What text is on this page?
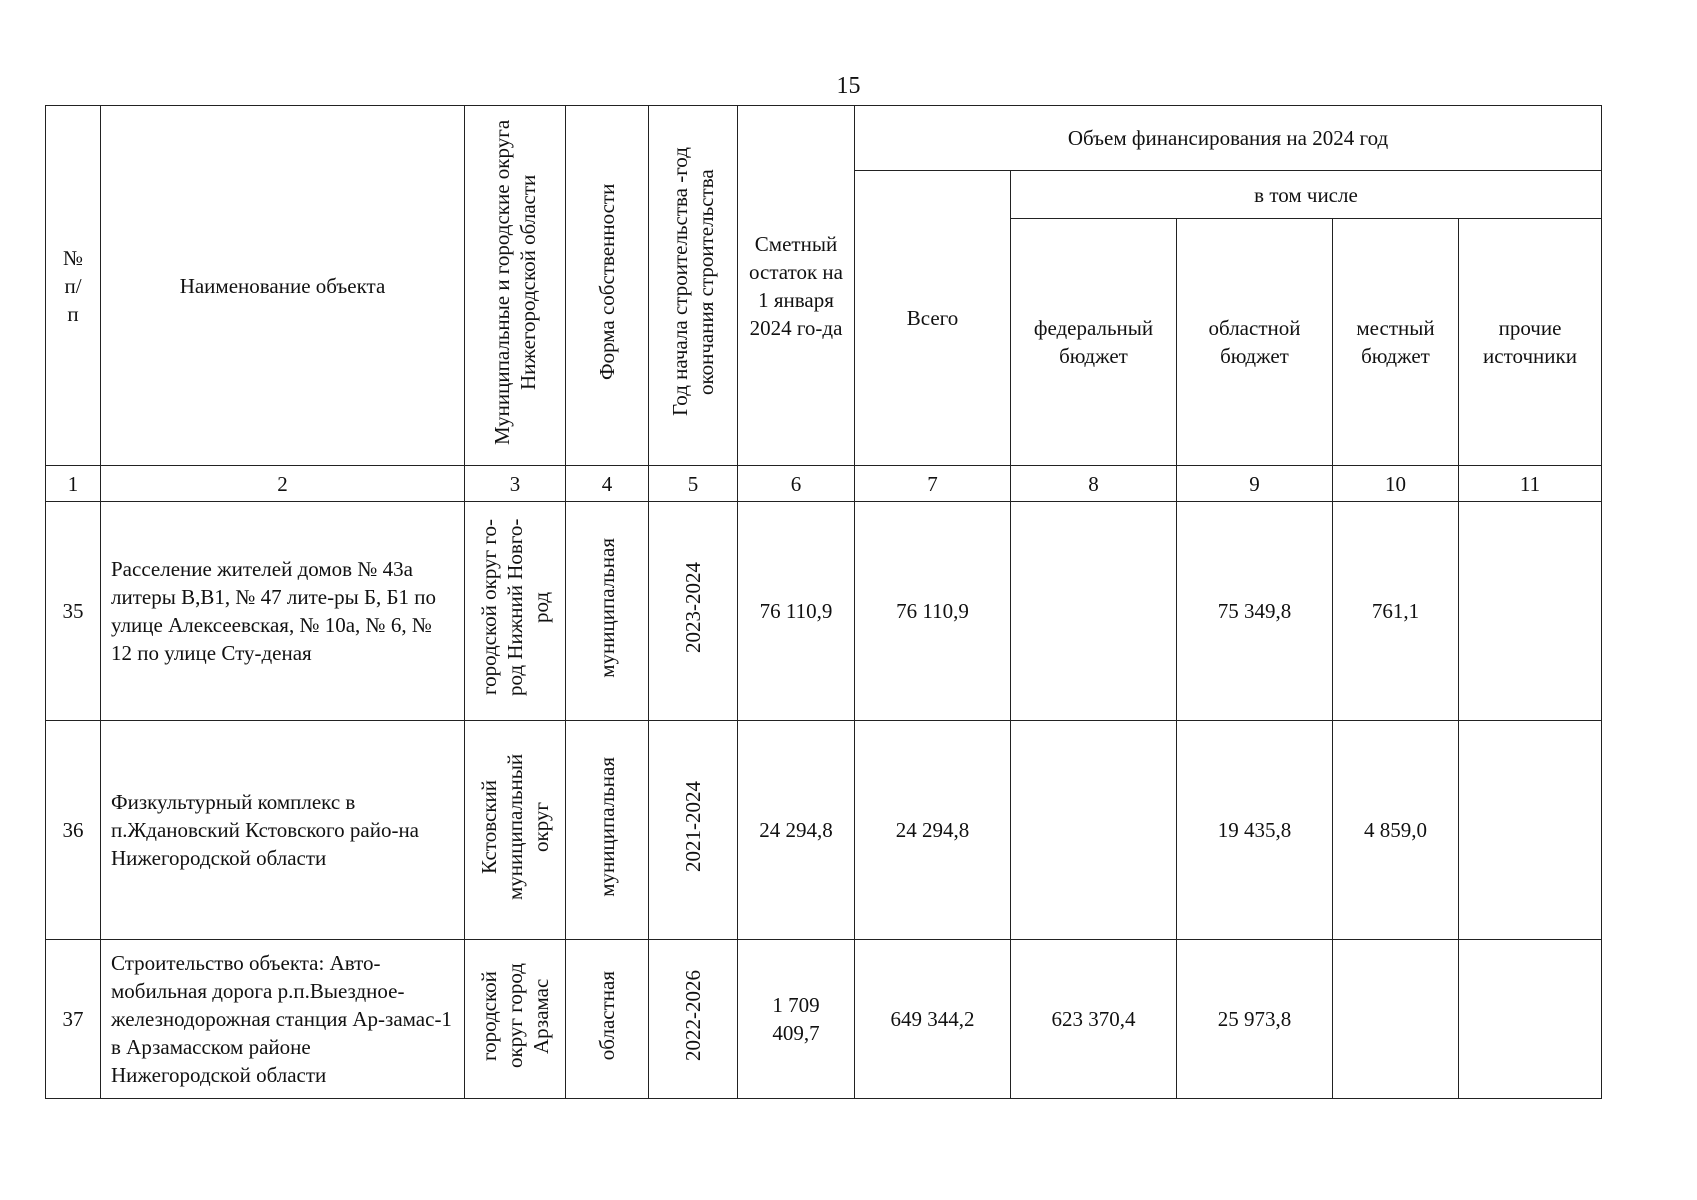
15
№ п/ п	Наименование объекта	Муниципальные и городские округа Нижегородской области	Форма собственности	Год начала строительства -год окончания строительства	Сметный остаток на 1 января 2024 го-да	Объем финансирования на 2024 год				
						Всего	в том числе			
							федеральный бюджет	областной бюджет	местный бюджет	прочие источники
1	2	3	4	5	6	7	8	9	10	11
35	Расселение жителей домов № 43а литеры В,В1, № 47 лите-ры Б, Б1 по улице Алексеевская, № 10а, № 6, № 12 по улице Сту-деная	городской округ го-род Нижний Новго-род	муниципальная	2023-2024	76 110,9	76 110,9		75 349,8	761,1	
36	Физкультурный комплекс в п.Ждановский Кстовского райо-на Нижегородской области	Кстовский муниципальный округ	муниципальная	2021-2024	24 294,8	24 294,8		19 435,8	4 859,0	
37	Строительство объекта: Авто-мобильная дорога р.п.Выездное-железнодорожная станция Ар-замас-1 в Арзамасском районе Нижегородской области	городской округ город Арзамас	областная	2022-2026	1 709 409,7	649 344,2	623 370,4	25 973,8		
